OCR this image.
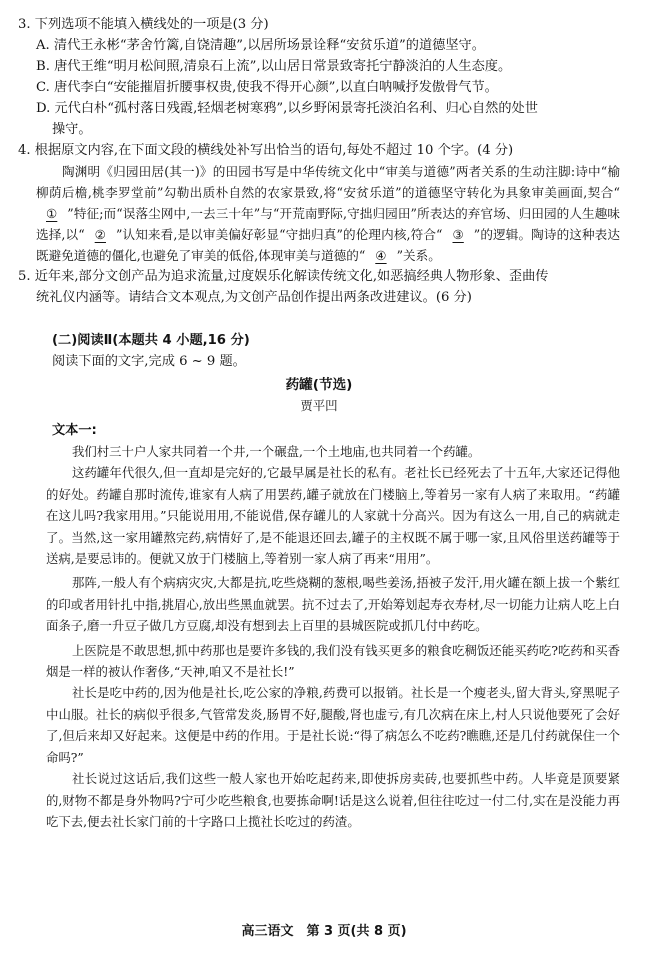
3. 下列选项不能填入横线处的一项是(3 分)

A. 清代王永彬“茅舍竹篱,自饶清趣”,以居所场景诠释“安贫乐道”的道德坚守。

B. 唐代王维“明月松间照,清泉石上流”,以山居日常景致寄托宁静淡泊的人生态度。

C. 唐代李白“安能摧眉折腰事权贵,使我不得开心颜”,以直白呐喊抒发傲骨气节。

D. 元代白朴“孤村落日残霞,轻烟老树寒鸦”,以乡野闲景寄托淡泊名利、归心自然的处世

操守。

4. 根据原文内容,在下面文段的横线处补写出恰当的语句,每处不超过 10 个字。(4 分)

陶渊明《归园田居(其一)》的田园书写是中华传统文化中“审美与道德”两者关系的生动注脚:诗中“榆柳荫后檐,桃李罗堂前”勾勒出质朴自然的农家景致,将“安贫乐道”的道德坚守转化为具象审美画面,契合“① ”特征;而“误落尘网中,一去三十年”与“开荒南野际,守拙归园田”所表达的弃官场、归田园的人生趣味选择,以“ ② ”认知来看,是以审美偏好彰显“守拙归真”的伦理内核,符合“ ③ ”的逻辑。陶诗的这种表达既避免道德的僵化,也避免了审美的低俗,体现审美与道德的“ ④ ”关系。

5. 近年来,部分文创产品为追求流量,过度娱乐化解读传统文化,如恶搞经典人物形象、歪曲传
统礼仪内涵等。请结合文本观点,为文创产品创作提出两条改进建议。(6 分)

(二)阅读Ⅱ(本题共 4 小题,16 分)

阅读下面的文字,完成 6 ~ 9 题。

药罐(节选)

贾平凹

文本一:

我们村三十户人家共同着一个井,一个碾盘,一个土地庙,也共同着一个药罐。

这药罐年代很久,但一直却是完好的,它最早属是社长的私有。老社长已经死去了十五年,大家还记得他的好处。药罐自那时流传,谁家有人病了用罢药,罐子就放在门楼脑上,等着另一家有人病了来取用。“药罐在这儿吗?我家用用。”只能说用用,不能说借,保存罐儿的人家就十分高兴。因为有这么一用,自己的病就走了。当然,这一家用罐熬完药,病情好了,是不能退还回去,罐子的主权既不属于哪一家,且风俗里送药罐等于送病,是要忌讳的。便就又放于门楼脑上,等着别一家人病了再来“用用”。

那阵,一般人有个病病灾灾,大都是抗,吃些烧糊的葱根,喝些姜汤,捂被子发汗,用火罐在额上拔一个紫红的印或者用针扎中指,挑眉心,放出些黑血就罢。抗不过去了,开始筹划起寿衣寿材,尽一切能力让病人吃上白面条子,磨一升豆子做几方豆腐,却没有想到去上百里的县城医院或抓几付中药吃。

上医院是不敢思想,抓中药那也是要许多钱的,我们没有钱买更多的粮食吃稠饭还能买药吃?吃药和买香烟是一样的被认作奢侈,“天神,咱又不是社长!”

社长是吃中药的,因为他是社长,吃公家的净粮,药费可以报销。社长是一个瘦老头,留大背头,穿黑呢子中山服。社长的病似乎很多,气管常发炎,肠胃不好,腿酸,肾也虚亏,有几次病在床上,村人只说他要死了会好了,但后来却又好起来。这便是中药的作用。于是社长说:“得了病怎么不吃药?瞧瞧,还是几付药就保住一个命吗?”

社长说过这话后,我们这些一般人家也开始吃起药来,即使拆房卖砖,也要抓些中药。人毕竟是顶要紧的,财物不都是身外物吗?宁可少吃些粮食,也要拣命啊!话是这么说着,但往往吃过一付二付,实在是没能力再吃下去,便去社长家门前的十字路口上揽社长吃过的药渣。

高三语文　第 3 页(共 8 页)
